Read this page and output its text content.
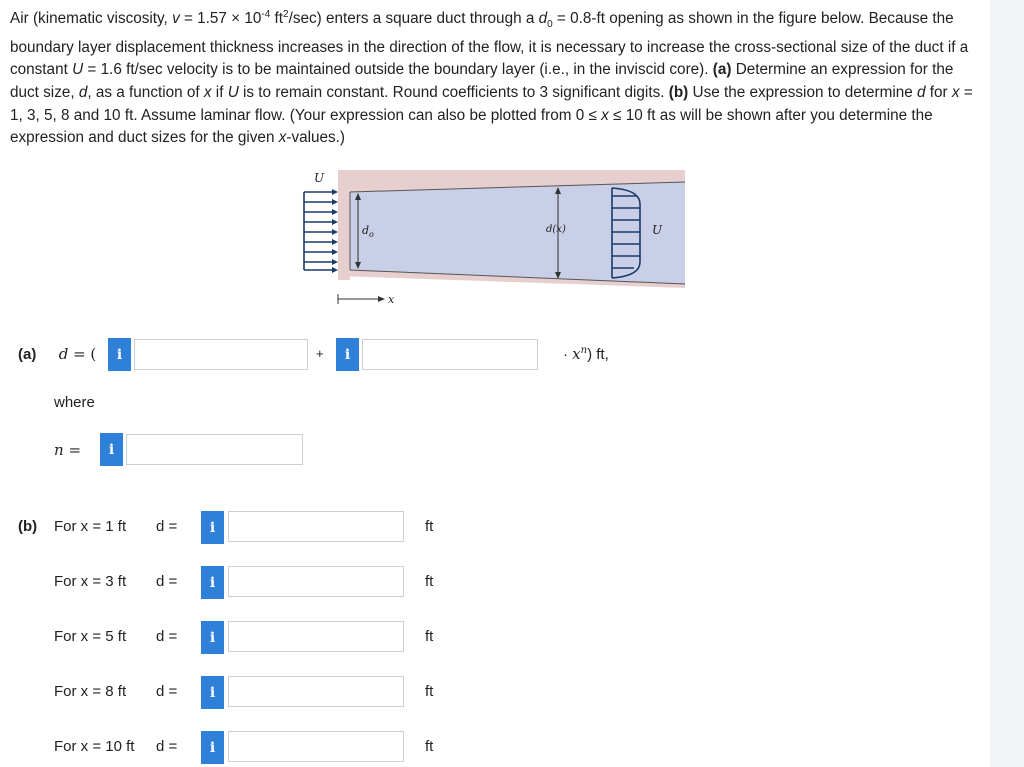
Air (kinematic viscosity, $v = 1.57 \times 10^{-4}$ $ft^2/\sec$) enters a square duct through a $d_0 = 0.8-ft$ opening as shown in the figure below. Because the boundary layer displacement thickness increases in the direction of the flow, it is necessary to increase the cross-sectional size of the duct if a constant U = 1.6 ft/sec velocity is to be maintained outside the boundary layer (i.e., in the inviscid core). (a) Determine an expression for the duct size, d, as a function of x if U is to remain constant. Round coefficients to 3 significant digits. (b) Use the expression to determine d for x = 1, 3, 5, 8 and 10 ft. Assume laminar flow. (Your expression can also be plotted from 0 ≤ x ≤ 10 ft as will be shown after you determine the expression and duct sizes for the given x-values.)
U
$d_o$	d(x)	U
x
(a) d = (	i	+	i	· $x^n$) ft,
where
n =	i
(b) For x = 1 ft d =	i	ft
For x = 3 ft d =	i	ft
For x = 5 ft d =	i	ft
For x = 8 ft d =	i	ft
For x = 10 ft d =	i	ft
